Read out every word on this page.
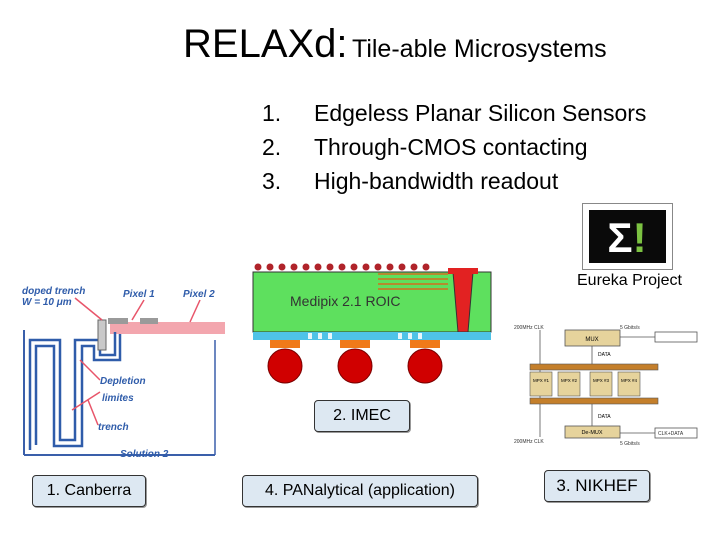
RELAXd: Tile-able Microsystems
1.	Edgeless Planar Silicon Sensors
2.	Through-CMOS contacting
3.	High-bandwidth readout
Σ!
Eureka Project
doped trench
W = 10 μm
Pixel 1	Pixel 2
Depletion
limites
trench
Solution 2
Medipix 2.1 ROIC
200MHz CLK	5 Gbits/s
MUX
DATA
MPX #1	MPX #2	MPX #3	MPX #4
DATA
De-MUX	CLK+DATA
200MHz CLK	5 Gbits/s
2. IMEC
1. Canberra	4. PANalytical (application)	3. NIKHEF
